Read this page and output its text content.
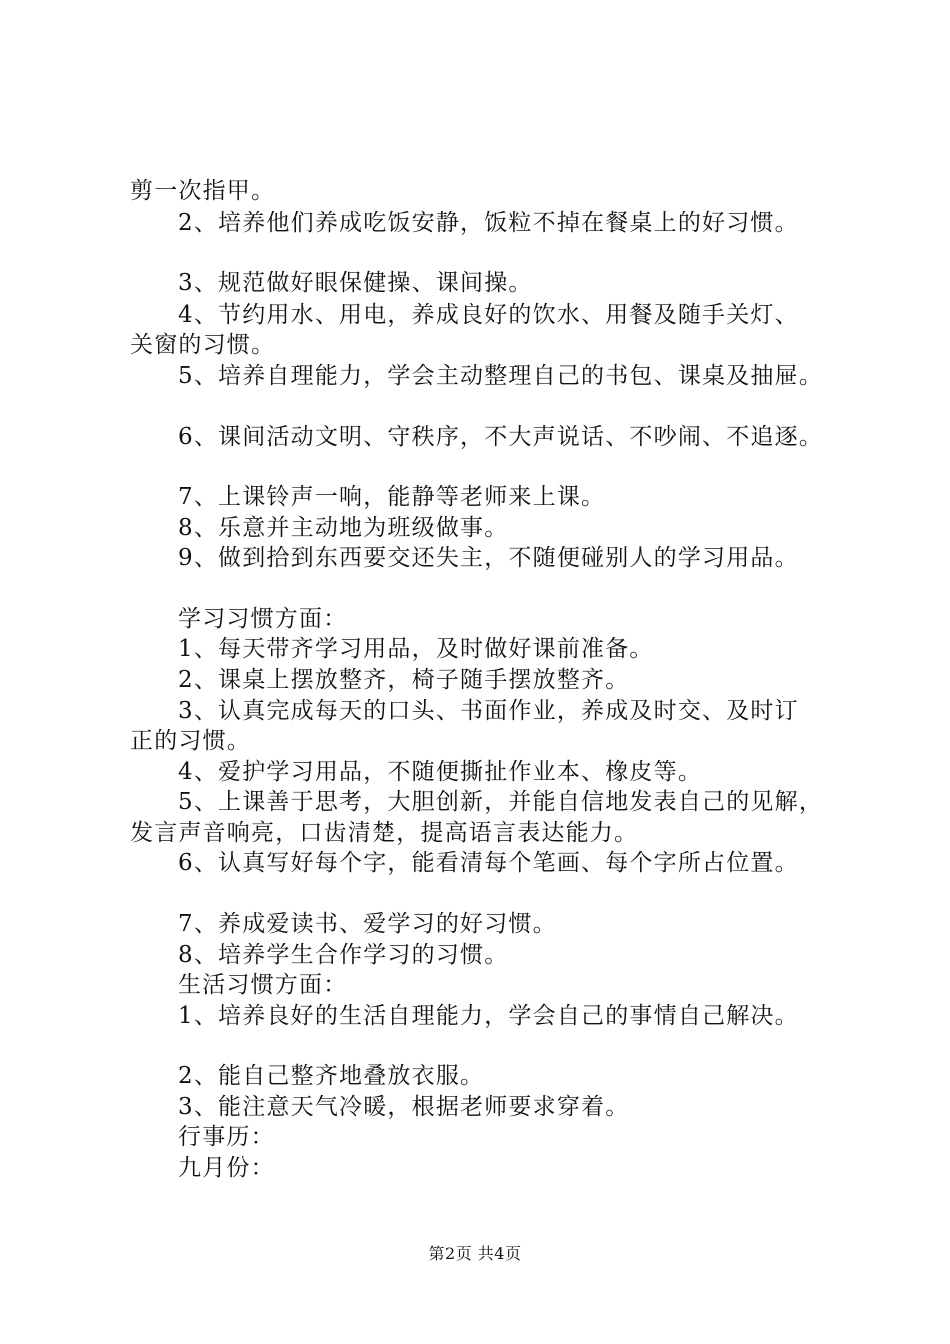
剪一次指甲。
2、培养他们养成吃饭安静，饭粒不掉在餐桌上的好习惯。
3、规范做好眼保健操、课间操。
4、节约用水、用电，养成良好的饮水、用餐及随手关灯、
关窗的习惯。
5、培养自理能力，学会主动整理自己的书包、课桌及抽屉。
6、课间活动文明、守秩序，不大声说话、不吵闹、不追逐。
7、上课铃声一响，能静等老师来上课。
8、乐意并主动地为班级做事。
9、做到拾到东西要交还失主，不随便碰别人的学习用品。
学习习惯方面：
1、每天带齐学习用品，及时做好课前准备。
2、课桌上摆放整齐，椅子随手摆放整齐。
3、认真完成每天的口头、书面作业，养成及时交、及时订
正的习惯。
4、爱护学习用品，不随便撕扯作业本、橡皮等。
5、上课善于思考，大胆创新，并能自信地发表自己的见解，
发言声音响亮，口齿清楚，提高语言表达能力。
6、认真写好每个字，能看清每个笔画、每个字所占位置。
7、养成爱读书、爱学习的好习惯。
8、培养学生合作学习的习惯。
生活习惯方面：
1、培养良好的生活自理能力，学会自己的事情自己解决。
2、能自己整齐地叠放衣服。
3、能注意天气冷暖，根据老师要求穿着。
行事历：
九月份：
第2页 共4页
